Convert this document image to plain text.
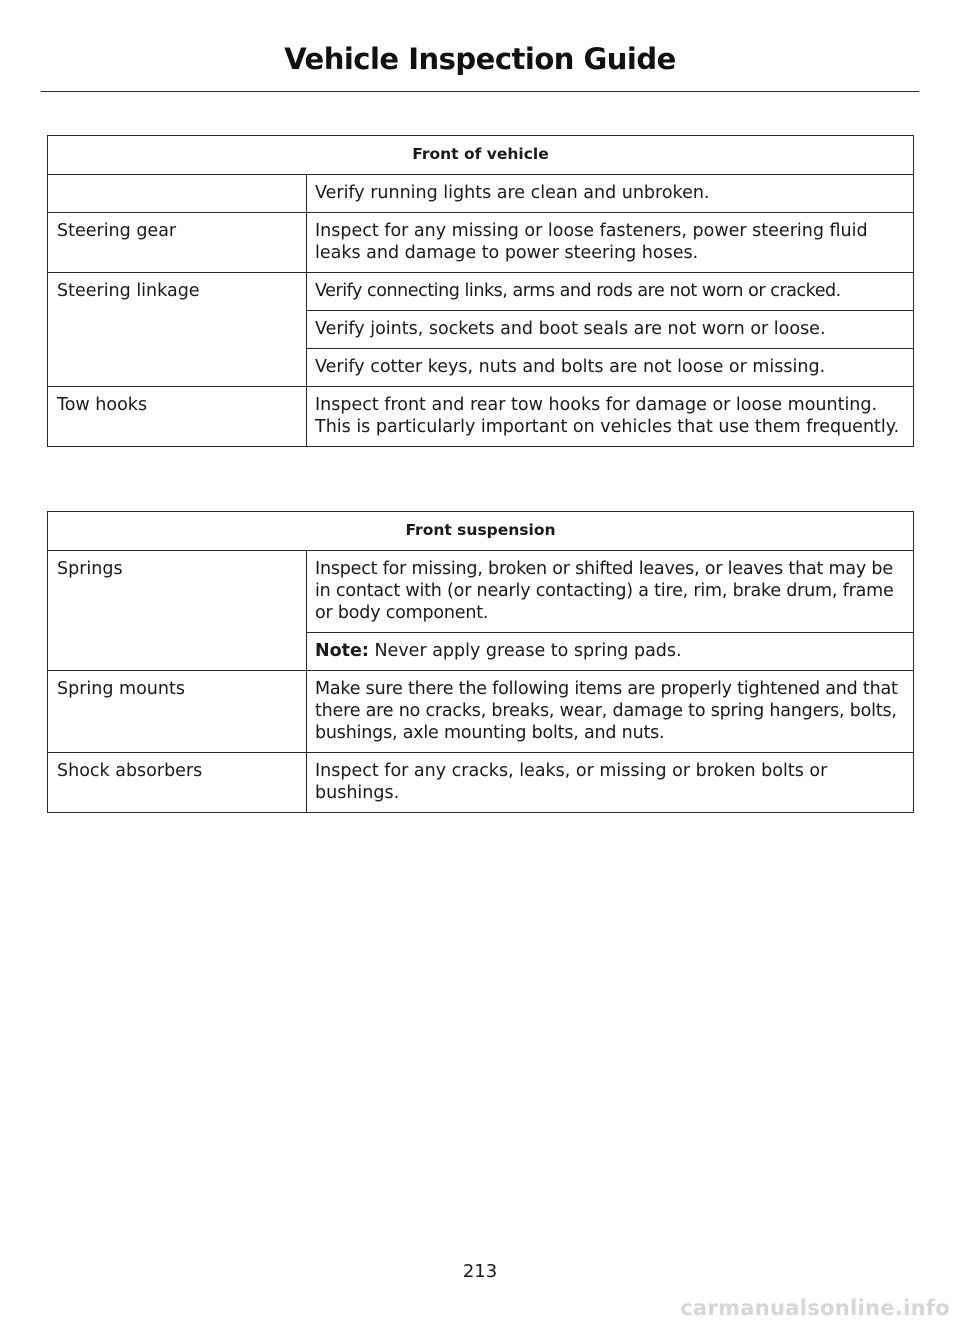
Vehicle Inspection Guide
Front of vehicle	
	Verify running lights are clean and unbroken.
Steering gear	Inspect for any missing or loose fasteners, power steering fluid leaks and damage to power steering hoses.
Steering linkage	Verify connecting links, arms and rods are not worn or cracked.
	Verify joints, sockets and boot seals are not worn or loose.
	Verify cotter keys, nuts and bolts are not loose or missing.
Tow hooks	Inspect front and rear tow hooks for damage or loose mounting. This is particularly important on vehicles that use them frequently.
Front suspension	
Springs	Inspect for missing, broken or shifted leaves, or leaves that may be in contact with (or nearly contacting) a tire, rim, brake drum, frame or body component.
	Note: Never apply grease to spring pads.
Spring mounts	Make sure there the following items are properly tightened and that there are no cracks, breaks, wear, damage to spring hangers, bolts, bushings, axle mounting bolts, and nuts.
Shock absorbers	Inspect for any cracks, leaks, or missing or broken bolts or bushings.
213
carmanualsonline.info
